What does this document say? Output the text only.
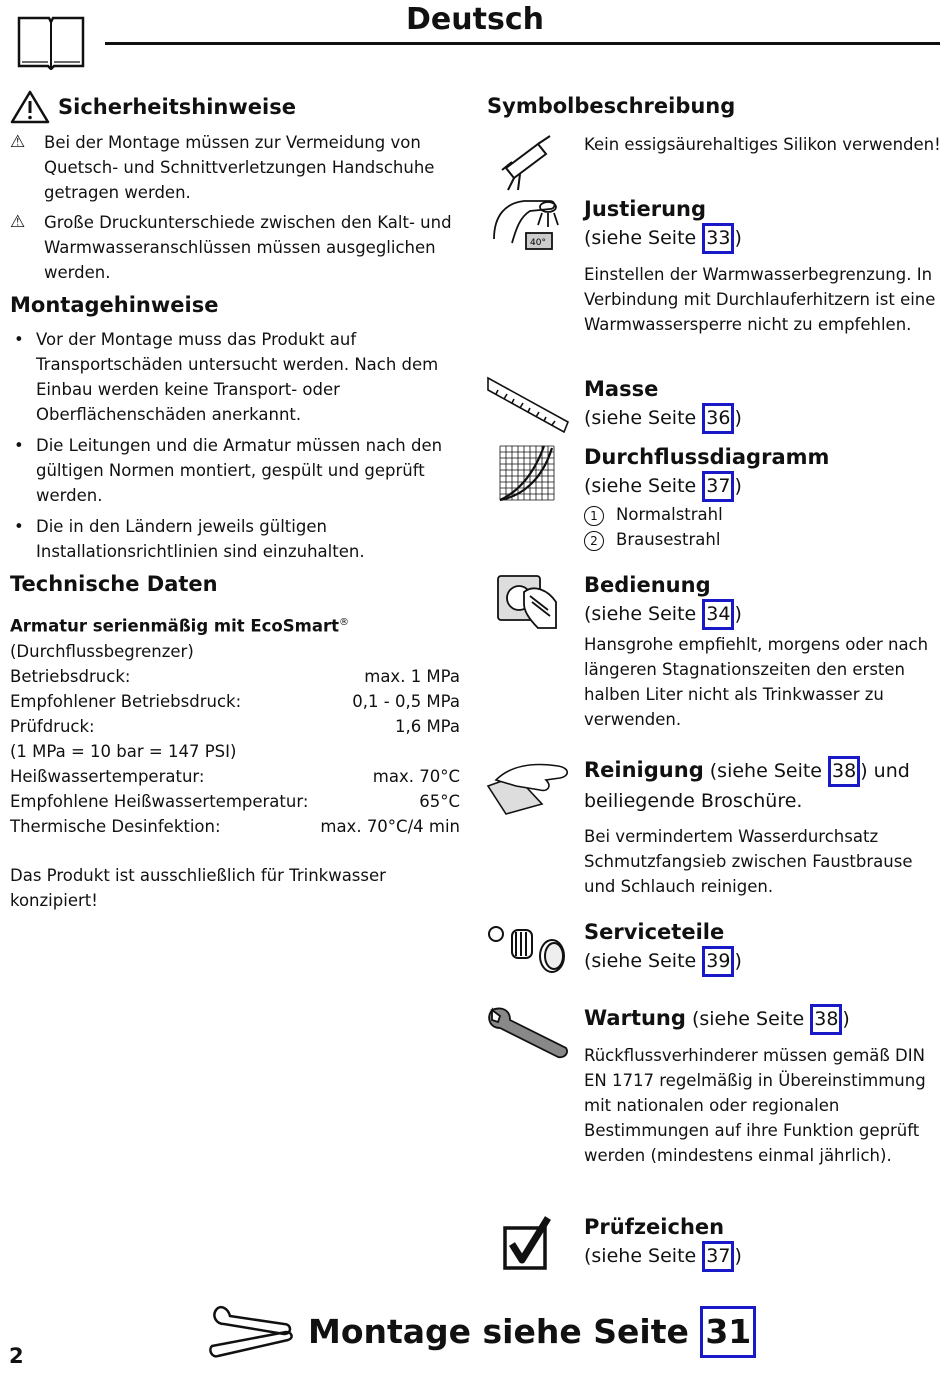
Deutsch
Sicherheitshinweise
⚠	Bei der Montage müssen zur Vermeidung von Quetsch- und Schnittverletzungen Handschuhe getragen werden.
⚠	Große Druckunterschiede zwischen den Kalt- und Warmwasseranschlüssen müssen ausgeglichen werden.
Montagehinweise
• Vor der Montage muss das Produkt auf Transportschäden untersucht werden. Nach dem Einbau werden keine Transport- oder Oberflächenschäden anerkannt.
• Die Leitungen und die Armatur müssen nach den gültigen Normen montiert, gespült und geprüft werden.
• Die in den Ländern jeweils gültigen Installationsrichtlinien sind einzuhalten.
Technische Daten
Armatur serienmäßig mit EcoSmart® (Durchflussbegrenzer)
Betriebsdruck:	max. 1 MPa
Empfohlener Betriebsdruck:	0,1 - 0,5 MPa
Prüfdruck:	1,6 MPa
(1 MPa = 10 bar = 147 PSI)
Heißwassertemperatur:	max. 70°C
Empfohlene Heißwassertemperatur:	65°C
Thermische Desinfektion:	max. 70°C/4 min
Das Produkt ist ausschließlich für Trinkwasser konzipiert!
Symbolbeschreibung
Kein essigsäurehaltiges Silikon verwenden!
40°
Justierung
(siehe Seite 33 )
Einstellen der Warmwasserbegrenzung. In Verbindung mit Durchlauferhitzern ist eine Warmwassersperre nicht zu empfehlen.
Masse
(siehe Seite 36 )
Durchflussdiagramm
(siehe Seite 37 )
1 Normalstrahl
2 Brausestrahl
Bedienung
(siehe Seite 34 )
Hansgrohe empfiehlt, morgens oder nach längeren Stagnationszeiten den ersten halben Liter nicht als Trinkwasser zu verwenden.
Reinigung (siehe Seite 38 ) und beiliegende Broschüre.
Bei vermindertem Wasserdurchsatz Schmutzfangsieb zwischen Faustbrause und Schlauch reinigen.
Serviceteile
(siehe Seite 39 )
Wartung (siehe Seite 38 )
Rückflussverhinderer müssen gemäß DIN EN 1717 regelmäßig in Übereinstimmung mit nationalen oder regionalen Bestimmungen auf ihre Funktion geprüft werden (mindestens einmal jährlich).
Prüfzeichen
(siehe Seite 37 )
Montage siehe Seite 31
2
